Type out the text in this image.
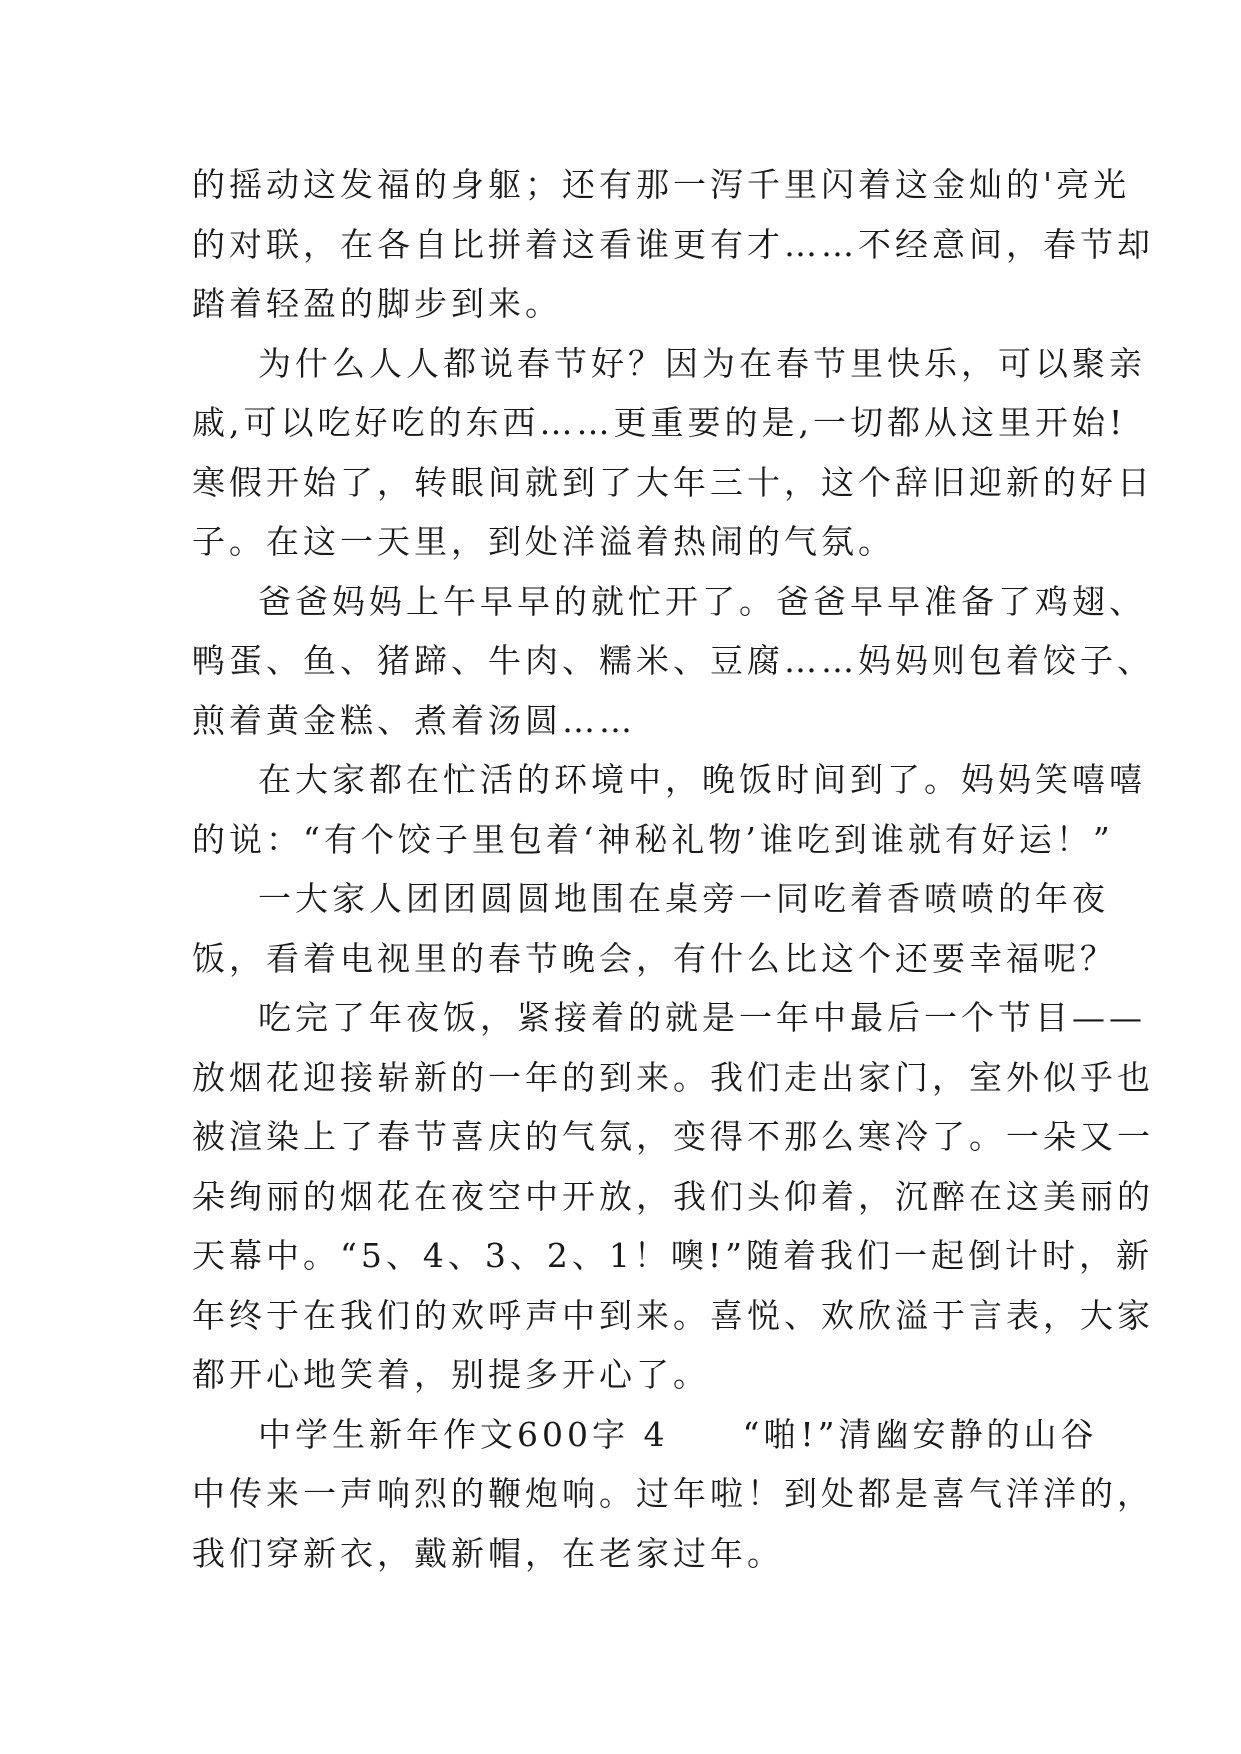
的摇动这发福的身躯；还有那一泻千里闪着这金灿的'亮光
的对联，在各自比拼着这看谁更有才……不经意间，春节却
踏着轻盈的脚步到来。
为什么人人都说春节好？因为在春节里快乐，可以聚亲
戚,可以吃好吃的东西……更重要的是,一切都从这里开始!
寒假开始了，转眼间就到了大年三十，这个辞旧迎新的好日
子。在这一天里，到处洋溢着热闹的气氛。
爸爸妈妈上午早早的就忙开了。爸爸早早准备了鸡翅、
鸭蛋、鱼、猪蹄、牛肉、糯米、豆腐……妈妈则包着饺子、
煎着黄金糕、煮着汤圆……
在大家都在忙活的环境中，晚饭时间到了。妈妈笑嘻嘻
的说：“有个饺子里包着‘神秘礼物’谁吃到谁就有好运！”
一大家人团团圆圆地围在桌旁一同吃着香喷喷的年夜
饭，看着电视里的春节晚会，有什么比这个还要幸福呢？
吃完了年夜饭，紧接着的就是一年中最后一个节目——
放烟花迎接崭新的一年的到来。我们走出家门，室外似乎也
被渲染上了春节喜庆的气氛，变得不那么寒冷了。一朵又一
朵绚丽的烟花在夜空中开放，我们头仰着，沉醉在这美丽的
天幕中。“5、4、3、2、1！噢!”随着我们一起倒计时，新
年终于在我们的欢呼声中到来。喜悦、欢欣溢于言表，大家
都开心地笑着，别提多开心了。
中学生新年作文600字 4　　“啪!”清幽安静的山谷
中传来一声响烈的鞭炮响。过年啦！到处都是喜气洋洋的，
我们穿新衣，戴新帽，在老家过年。
